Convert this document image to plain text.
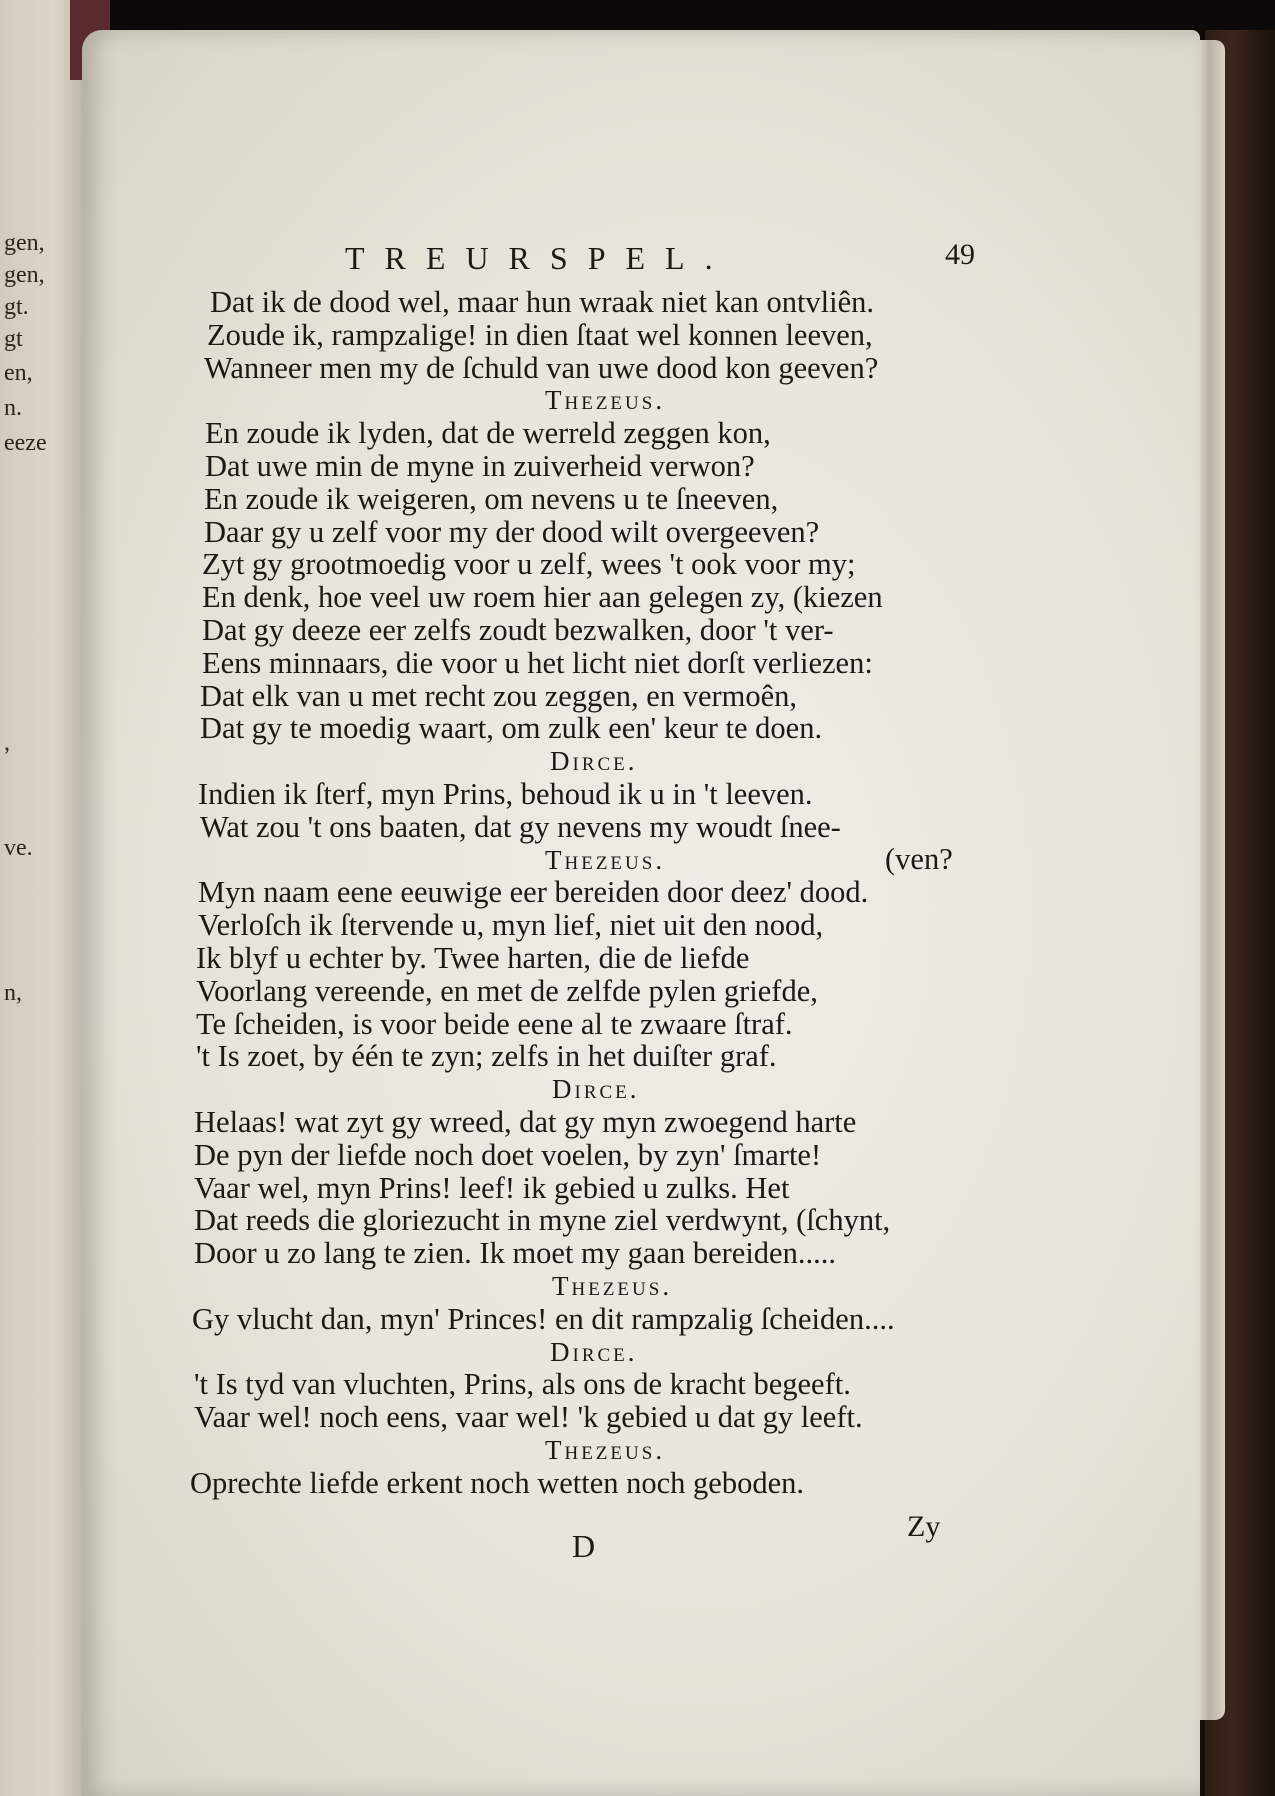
gen,
gen,
gt.
gt
en,
n.
eeze
,
ve.
n,
TREURSPEL.	49
Dat ik de dood wel, maar hun wraak niet kan ontvliên.
Zoude ik, rampzalige! in dien ſtaat wel konnen leeven,
Wanneer men my de ſchuld van uwe dood kon geeven?
Thezeus.
En zoude ik lyden, dat de werreld zeggen kon,
Dat uwe min de myne in zuiverheid verwon?
En zoude ik weigeren, om nevens u te ſneeven,
Daar gy u zelf voor my der dood wilt overgeeven?
Zyt gy grootmoedig voor u zelf, wees 't ook voor my;
En denk, hoe veel uw roem hier aan gelegen zy, (kiezen
Dat gy deeze eer zelfs zoudt bezwalken, door 't ver-
Eens minnaars, die voor u het licht niet dorſt verliezen:
Dat elk van u met recht zou zeggen, en vermoên,
Dat gy te moedig waart, om zulk een' keur te doen.
Dirce.
Indien ik ſterf, myn Prins, behoud ik u in 't leeven.
Wat zou 't ons baaten, dat gy nevens my woudt ſnee-
(ven?
Thezeus.
Myn naam eene eeuwige eer bereiden door deez' dood.
Verloſch ik ſtervende u, myn lief, niet uit den nood,
Ik blyf u echter by. Twee harten, die de liefde
Voorlang vereende, en met de zelfde pylen griefde,
Te ſcheiden, is voor beide eene al te zwaare ſtraf.
't Is zoet, by één te zyn; zelfs in het duiſter graf.
Dirce.
Helaas! wat zyt gy wreed, dat gy myn zwoegend harte
De pyn der liefde noch doet voelen, by zyn' ſmarte!
Vaar wel, myn Prins! leef! ik gebied u zulks. Het
Dat reeds die gloriezucht in myne ziel verdwynt, (ſchynt,
Door u zo lang te zien. Ik moet my gaan bereiden.....
Thezeus.
Gy vlucht dan, myn' Princes! en dit rampzalig ſcheiden....
Dirce.
't Is tyd van vluchten, Prins, als ons de kracht begeeft.
Vaar wel! noch eens, vaar wel! 'k gebied u dat gy leeft.
Thezeus.
Oprechte liefde erkent noch wetten noch geboden.
D
Zy
